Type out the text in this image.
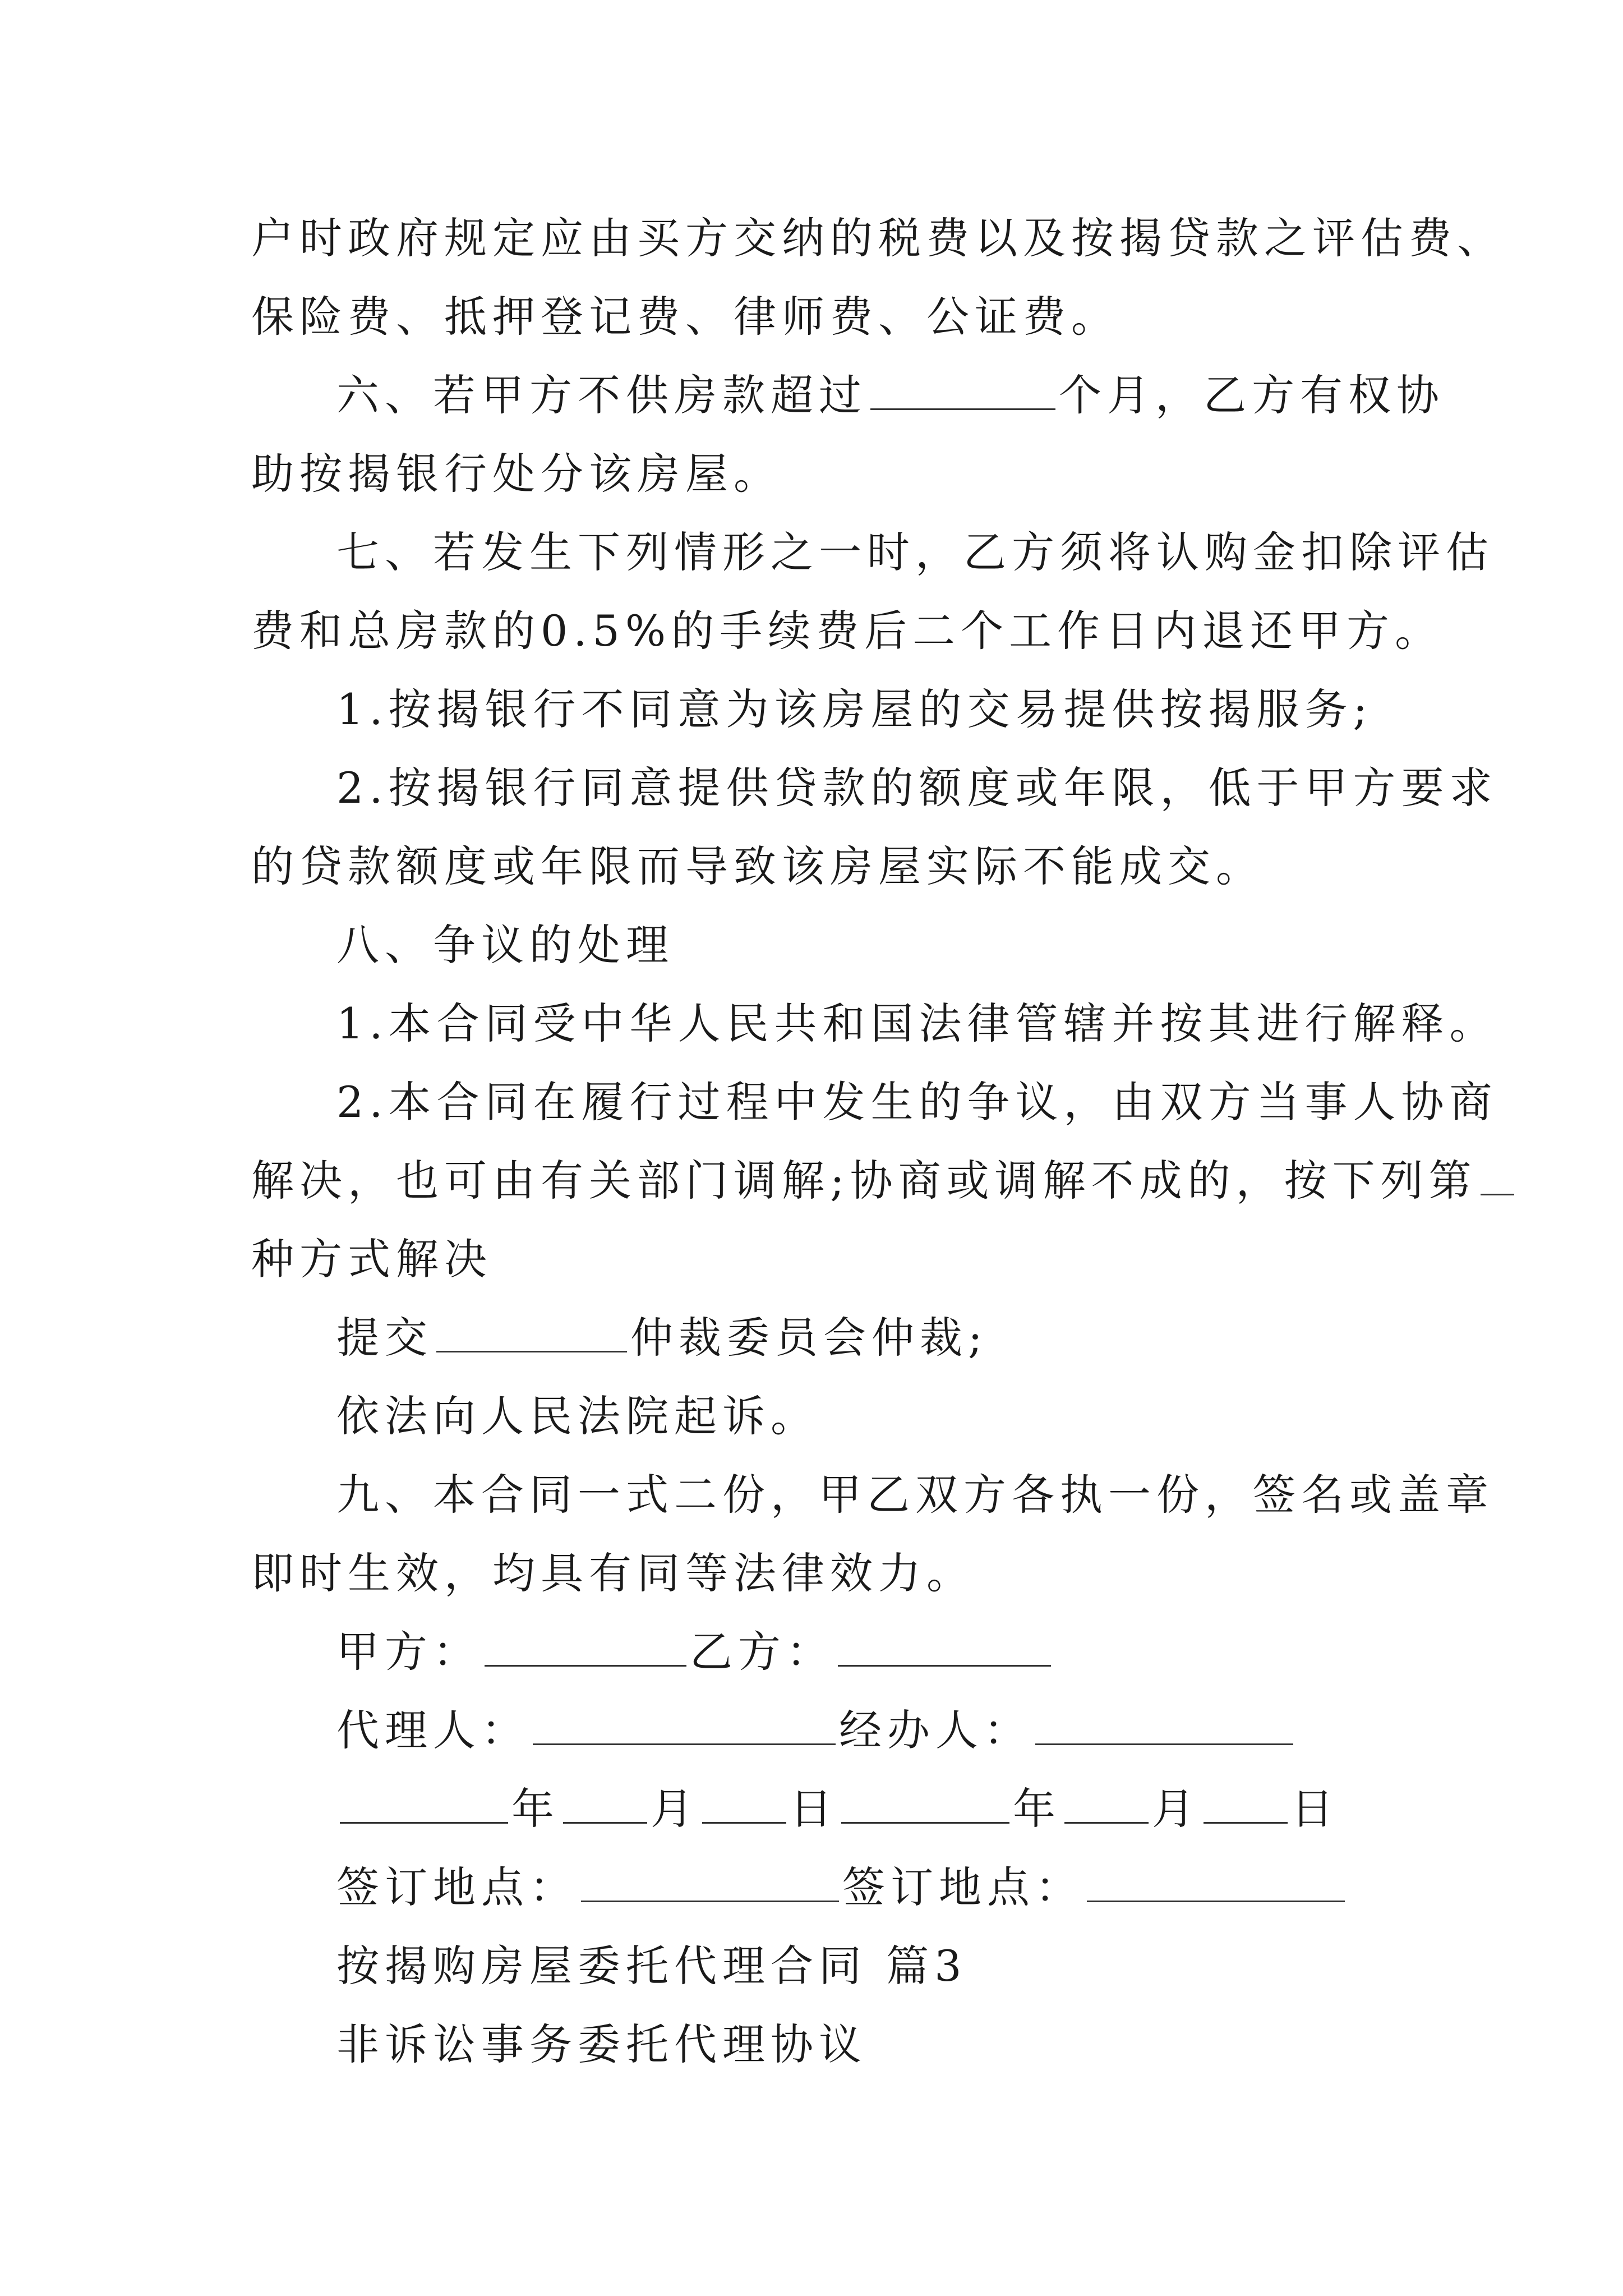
户时政府规定应由买方交纳的税费以及按揭贷款之评估费、
保险费、抵押登记费、律师费、公证费。
六、若甲方不供房款超过	个月，乙方有权协
助按揭银行处分该房屋。
七、若发生下列情形之一时，乙方须将认购金扣除评估
费和总房款的0.5%的手续费后二个工作日内退还甲方。
1.按揭银行不同意为该房屋的交易提供按揭服务;
2.按揭银行同意提供贷款的额度或年限，低于甲方要求
的贷款额度或年限而导致该房屋实际不能成交。
八、争议的处理
1.本合同受中华人民共和国法律管辖并按其进行解释。
2.本合同在履行过程中发生的争议，由双方当事人协商
解决，也可由有关部门调解;协商或调解不成的，按下列第
种方式解决
提交	仲裁委员会仲裁;
依法向人民法院起诉。
九、本合同一式二份，甲乙双方各执一份，签名或盖章
即时生效，均具有同等法律效力。
甲方：	乙方：
代理人：	经办人：
年 月 日	年 月 日
签订地点：	签订地点：
按揭购房屋委托代理合同 篇3
非诉讼事务委托代理协议
